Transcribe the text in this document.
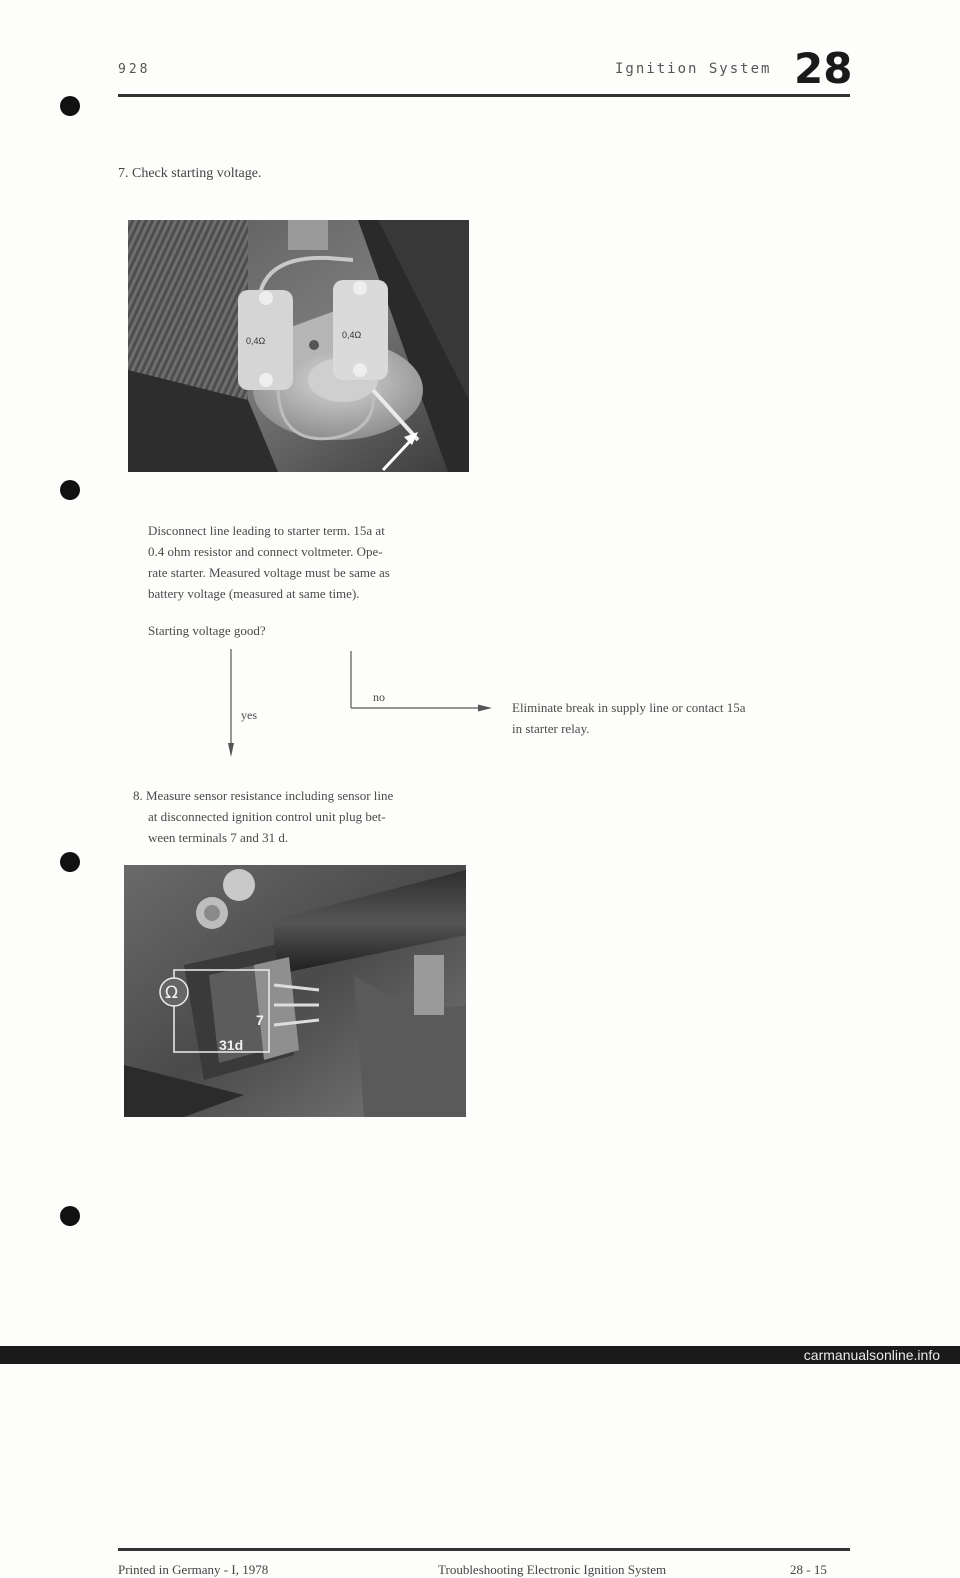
928	Ignition System 28
7. Check starting voltage.
0,4Ω
0,4Ω
Disconnect line leading to starter term. 15a at
0.4 ohm resistor and connect voltmeter. Ope-
rate starter. Measured voltage must be same as
battery voltage (measured at same time).
Starting voltage good?
yes
no
Eliminate break in supply line or contact 15a
in starter relay.
8. Measure sensor resistance including sensor line
at disconnected ignition control unit plug bet-
ween terminals 7 and 31 d.
Ω
7
31d
Printed in Germany - I, 1978	Troubleshooting Electronic Ignition System	28 - 15
carmanualsonline.info
